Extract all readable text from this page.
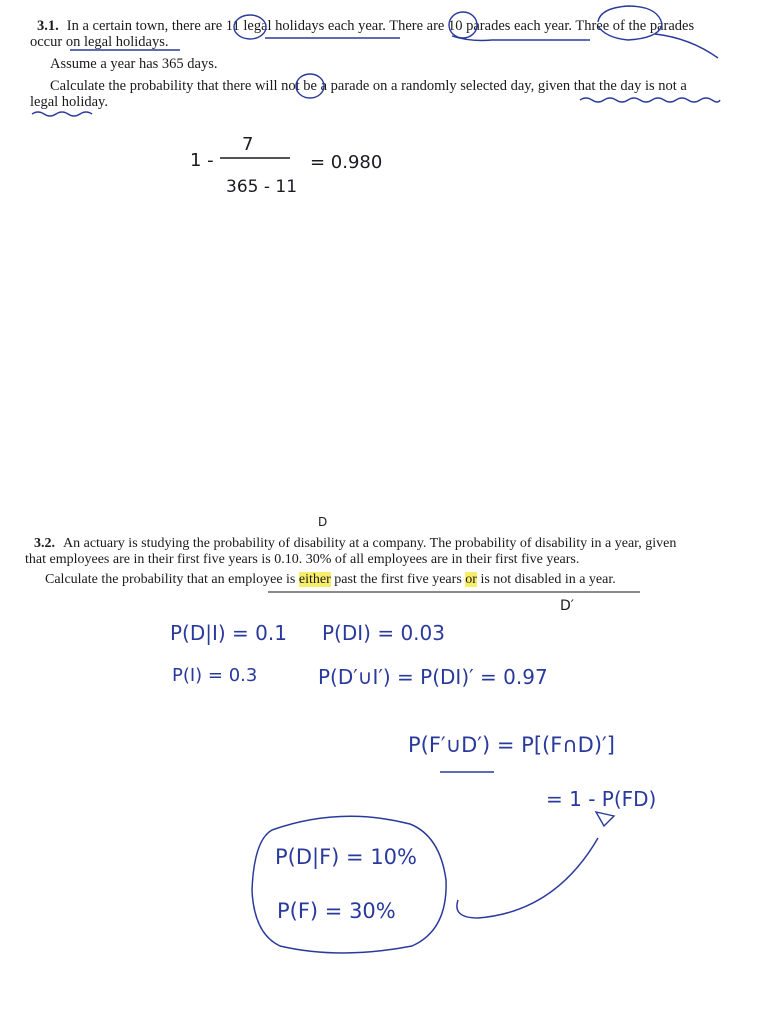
3.1. In a certain town, there are 11 legal holidays each year. There are 10 parades each year. Three of the parades
occur on legal holidays.
Assume a year has 365 days.
Calculate the probability that there will not be a parade on a randomly selected day, given that the day is not a
legal holiday.
3.2. An actuary is studying the probability of disability at a company. The probability of disability in a year, given
that employees are in their first five years is 0.10. 30% of all employees are in their first five years.
Calculate the probability that an employee is either past the first five years or is not disabled in a year.
1 -
7
365 - 11
= 0.980
D
D′
P(D|I) = 0.1
P(I) = 0.3
P(DI) = 0.03
P(D′∪I′) = P(DI)′ = 0.97
P(F′∪D′) = P[(F∩D)′]
= 1 - P(FD)
P(D|F) = 10%
P(F) = 30%
